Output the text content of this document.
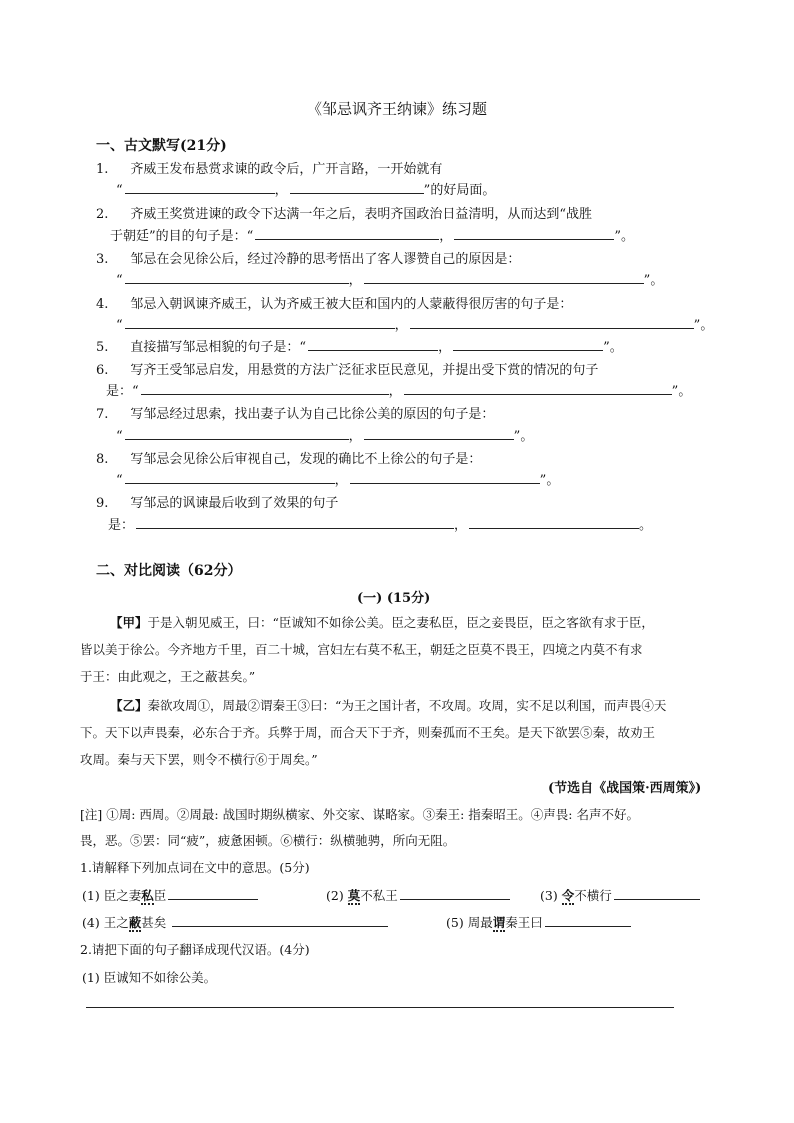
《邹忌讽齐王纳谏》练习题
一、古文默写(21分)
1. 齐威王发布悬赏求谏的政令后，广开言路，一开始就有
“	，	”的好局面。
2. 齐威王奖赏进谏的政令下达满一年之后，表明齐国政治日益清明，从而达到“战胜
于朝廷”的目的句子是：“	，	”。
3. 邹忌在会见徐公后，经过冷静的思考悟出了客人谬赞自己的原因是：
“	，	”。
4. 邹忌入朝讽谏齐威王，认为齐威王被大臣和国内的人蒙蔽得很厉害的句子是：
“	，	”。
5. 直接描写邹忌相貌的句子是：“	，	”。
6. 写齐王受邹忌启发，用悬赏的方法广泛征求臣民意见，并提出受下赏的情况的句子
是：“	，	”。
7. 写邹忌经过思索，找出妻子认为自己比徐公美的原因的句子是：
“	，	”。
8. 写邹忌会见徐公后审视自己，发现的确比不上徐公的句子是：
“	，	”。
9. 写邹忌的讽谏最后收到了效果的句子
是：	，	。
二、对比阅读（62分）
(一) (15分)
【甲】于是入朝见威王，曰：“臣诚知不如徐公美。臣之妻私臣，臣之妾畏臣，臣之客欲有求于臣，
皆以美于徐公。今齐地方千里，百二十城，宫妇左右莫不私王，朝廷之臣莫不畏王，四境之内莫不有求
于王：由此观之，王之蔽甚矣。”
【乙】秦欲攻周①，周最②谓秦王③曰：“为王之国计者，不攻周。攻周，实不足以利国，而声畏④天
下。天下以声畏秦，必东合于齐。兵弊于周，而合天下于齐，则秦孤而不王矣。是天下欲罢⑤秦，故劝王
攻周。秦与天下罢，则令不横行⑥于周矣。”
(节选自《战国策·西周策》)
[注] ①周: 西周。②周最: 战国时期纵横家、外交家、谋略家。③秦王: 指秦昭王。④声畏: 名声不好。
畏，恶。⑤罢：同“疲”，疲惫困顿。⑥横行：纵横驰骋，所向无阻。
1.请解释下列加点词在文中的意思。(5分)
(1) 臣之妻私臣	(2) 莫不私王	(3) 令不横行
(4) 王之蔽甚矣	(5) 周最谓秦王曰
2.请把下面的句子翻译成现代汉语。(4分)
(1) 臣诚知不如徐公美。
